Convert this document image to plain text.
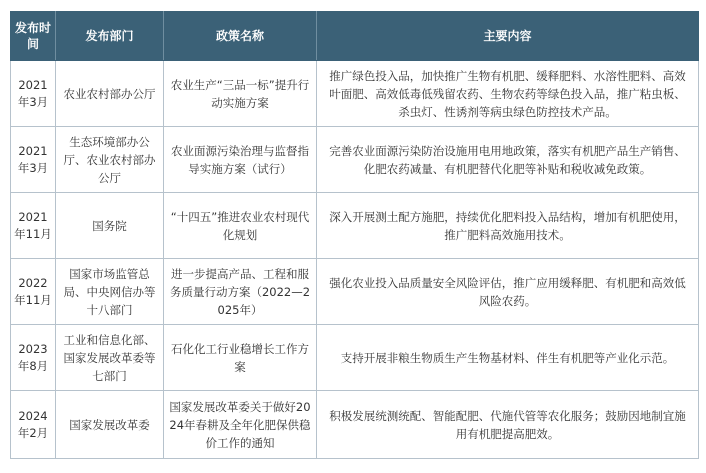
发布时间	发布部门	政策名称	主要内容
2021年3月	农业农村部办公厅	农业生产“三品一标”提升行动实施方案	推广绿色投入品，加快推广生物有机肥、缓释肥料、水溶性肥料、高效叶面肥、高效低毒低残留农药、生物农药等绿色投入品，推广粘虫板、杀虫灯、性诱剂等病虫绿色防控技术产品。
2021年3月	生态环境部办公厅、农业农村部办公厅	农业面源污染治理与监督指导实施方案（试行）	完善农业面源污染防治设施用电用地政策，落实有机肥产品生产销售、化肥农药减量、有机肥替代化肥等补贴和税收减免政策。
2021年11月	国务院	“十四五”推进农业农村现代化规划	深入开展测土配方施肥，持续优化肥料投入品结构，增加有机肥使用，推广肥料高效施用技术。
2022年11月	国家市场监管总局、中央网信办等十八部门	进一步提高产品、工程和服务质量行动方案（2022—2025年）	强化农业投入品质量安全风险评估，推广应用缓释肥、有机肥和高效低风险农药。
2023年8月	工业和信息化部、国家发展改革委等七部门	石化化工行业稳增长工作方案	支持开展非粮生物质生产生物基材料、伴生有机肥等产业化示范。
2024年2月	国家发展改革委	国家发展改革委关于做好2024年春耕及全年化肥保供稳价工作的通知	积极发展统测统配、智能配肥、代施代管等农化服务；鼓励因地制宜施用有机肥提高肥效。
